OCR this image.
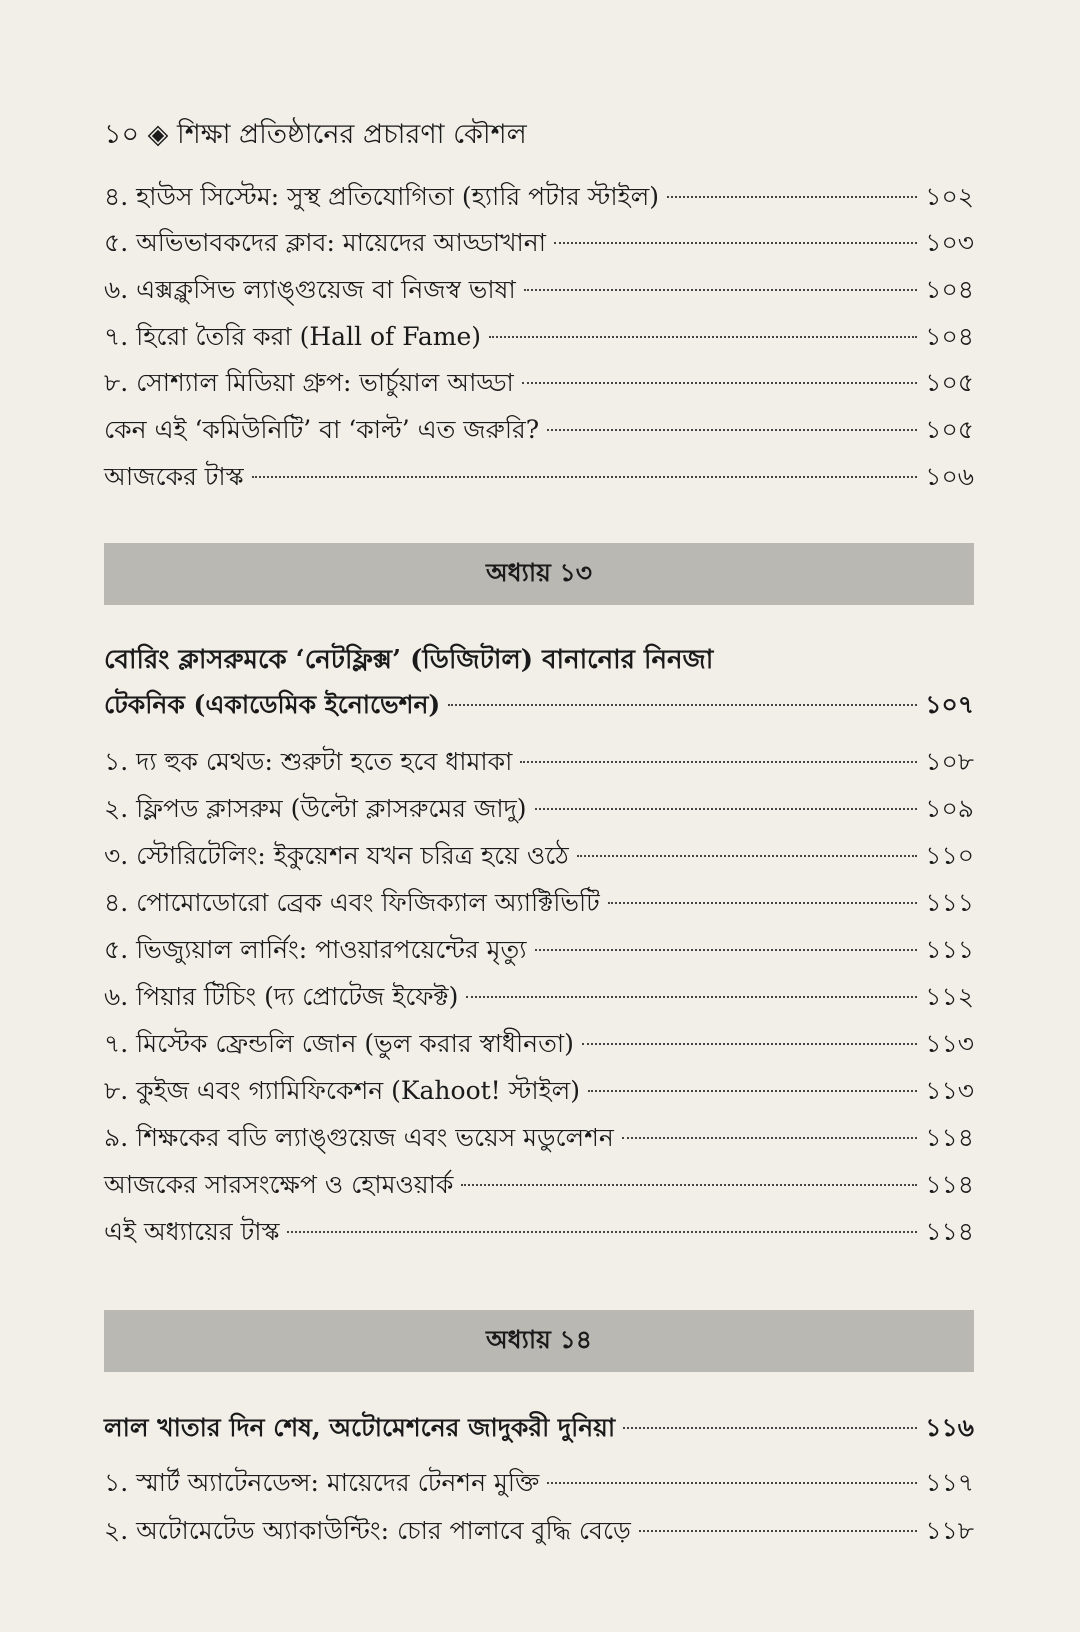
১০ ◈ শিক্ষা প্রতিষ্ঠানের প্রচারণা কৌশল
৪. হাউস সিস্টেম: সুস্থ প্রতিযোগিতা (হ্যারি পটার স্টাইল)	১০২
৫. অভিভাবকদের ক্লাব: মায়েদের আড্ডাখানা	১০৩
৬. এক্সক্লুসিভ ল্যাঙ্গুয়েজ বা নিজস্ব ভাষা	১০৪
৭. হিরো তৈরি করা (Hall of Fame)	১০৪
৮. সোশ্যাল মিডিয়া গ্রুপ: ভার্চুয়াল আড্ডা	১০৫
কেন এই ‘কমিউনিটি’ বা ‘কাল্ট’ এত জরুরি?	১০৫
আজকের টাস্ক	১০৬
অধ্যায় ১৩
বোরিং ক্লাসরুমকে ‘নেটফ্লিক্স’ (ডিজিটাল) বানানোর নিনজা
টেকনিক (একাডেমিক ইনোভেশন)	১০৭
১. দ্য হুক মেথড: শুরুটা হতে হবে ধামাকা	১০৮
২. ফ্লিপড ক্লাসরুম (উল্টো ক্লাসরুমের জাদু)	১০৯
৩. স্টোরিটেলিং: ইকুয়েশন যখন চরিত্র হয়ে ওঠে	১১০
৪. পোমোডোরো ব্রেক এবং ফিজিক্যাল অ্যাক্টিভিটি	১১১
৫. ভিজ্যুয়াল লার্নিং: পাওয়ারপয়েন্টের মৃত্যু	১১১
৬. পিয়ার টিচিং (দ্য প্রোটেজ ইফেক্ট)	১১২
৭. মিস্টেক ফ্রেন্ডলি জোন (ভুল করার স্বাধীনতা)	১১৩
৮. কুইজ এবং গ্যামিফিকেশন (Kahoot! স্টাইল)	১১৩
৯. শিক্ষকের বডি ল্যাঙ্গুয়েজ এবং ভয়েস মডুলেশন	১১৪
আজকের সারসংক্ষেপ ও হোমওয়ার্ক	১১৪
এই অধ্যায়ের টাস্ক	১১৪
অধ্যায় ১৪
লাল খাতার দিন শেষ, অটোমেশনের জাদুকরী দুনিয়া	১১৬
১. স্মার্ট অ্যাটেনডেন্স: মায়েদের টেনশন মুক্তি	১১৭
২. অটোমেটেড অ্যাকাউন্টিং: চোর পালাবে বুদ্ধি বেড়ে	১১৮
